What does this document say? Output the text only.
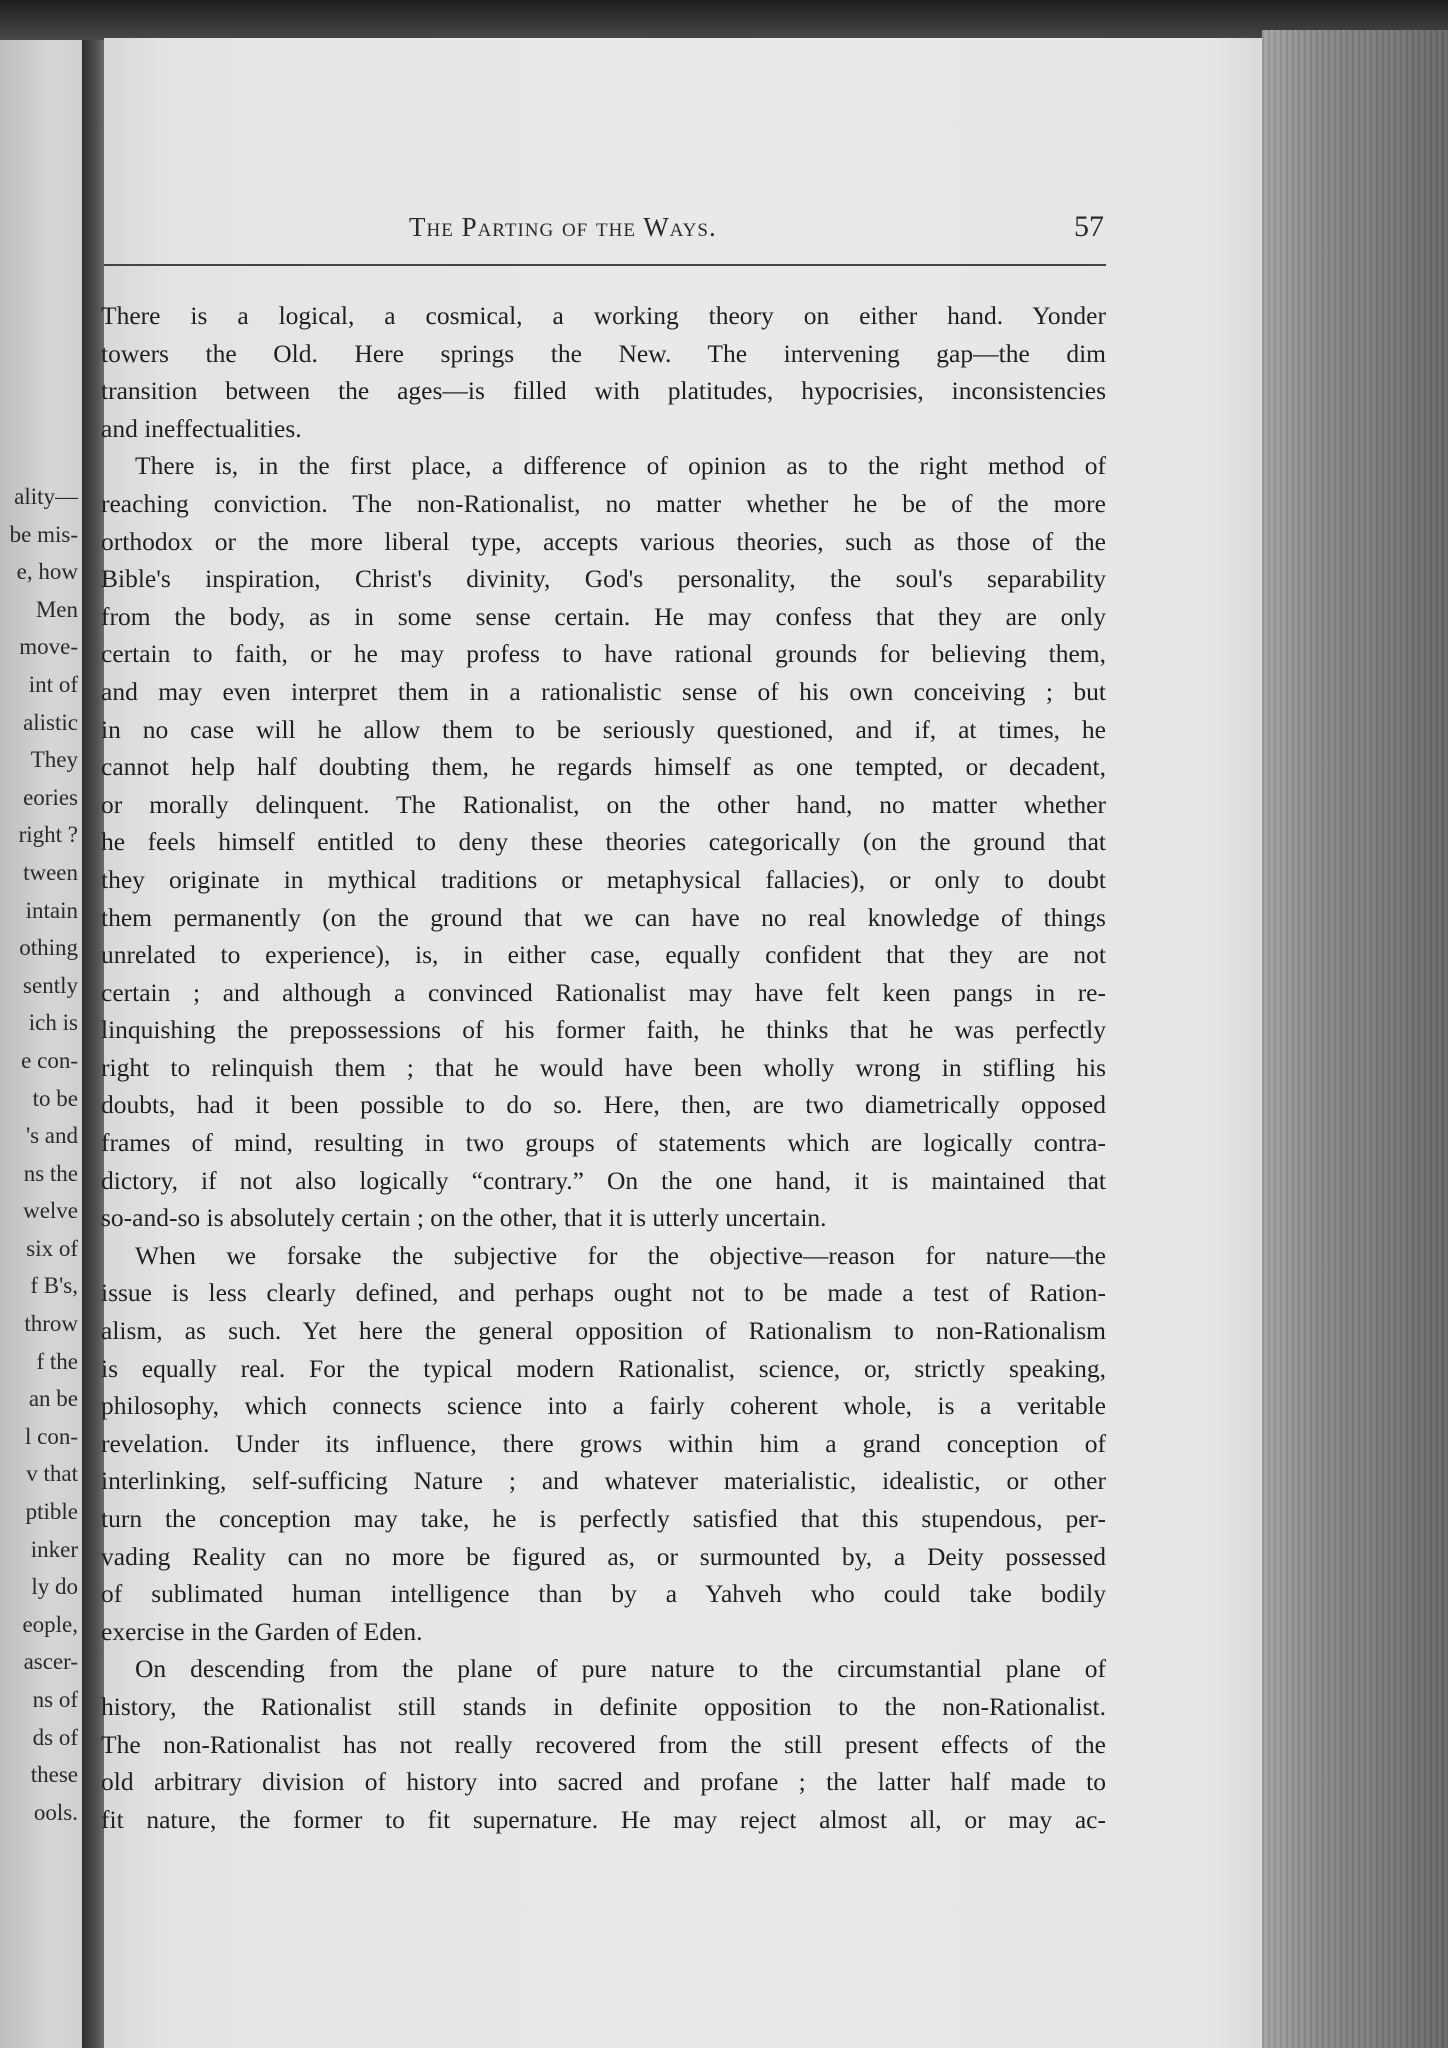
ality—
be mis-
e, how
Men
move-
int of
alistic
They
eories
right ?
tween
intain
othing
sently
ich is
e con-
to be
's and
ns the
welve
six of
f B's,
throw
f the
an be
l con-
v that
ptible
inker
ly do
eople,
ascer-
ns of
ds of
these
ools.
The Parting of the Ways.	57
There is a logical, a cosmical, a working theory on either hand. Yonder
towers the Old. Here springs the New. The intervening gap—the dim
transition between the ages—is filled with platitudes, hypocrisies, inconsistencies
and ineffectualities.
There is, in the first place, a difference of opinion as to the right method of
reaching conviction. The non-Rationalist, no matter whether he be of the more
orthodox or the more liberal type, accepts various theories, such as those of the
Bible's inspiration, Christ's divinity, God's personality, the soul's separability
from the body, as in some sense certain. He may confess that they are only
certain to faith, or he may profess to have rational grounds for believing them,
and may even interpret them in a rationalistic sense of his own conceiving ; but
in no case will he allow them to be seriously questioned, and if, at times, he
cannot help half doubting them, he regards himself as one tempted, or decadent,
or morally delinquent. The Rationalist, on the other hand, no matter whether
he feels himself entitled to deny these theories categorically (on the ground that
they originate in mythical traditions or metaphysical fallacies), or only to doubt
them permanently (on the ground that we can have no real knowledge of things
unrelated to experience), is, in either case, equally confident that they are not
certain ; and although a convinced Rationalist may have felt keen pangs in re-
linquishing the prepossessions of his former faith, he thinks that he was perfectly
right to relinquish them ; that he would have been wholly wrong in stifling his
doubts, had it been possible to do so. Here, then, are two diametrically opposed
frames of mind, resulting in two groups of statements which are logically contra-
dictory, if not also logically “contrary.” On the one hand, it is maintained that
so-and-so is absolutely certain ; on the other, that it is utterly uncertain.
When we forsake the subjective for the objective—reason for nature—the
issue is less clearly defined, and perhaps ought not to be made a test of Ration-
alism, as such. Yet here the general opposition of Rationalism to non-Rationalism
is equally real. For the typical modern Rationalist, science, or, strictly speaking,
philosophy, which connects science into a fairly coherent whole, is a veritable
revelation. Under its influence, there grows within him a grand conception of
interlinking, self-sufficing Nature ; and whatever materialistic, idealistic, or other
turn the conception may take, he is perfectly satisfied that this stupendous, per-
vading Reality can no more be figured as, or surmounted by, a Deity possessed
of sublimated human intelligence than by a Yahveh who could take bodily
exercise in the Garden of Eden.
On descending from the plane of pure nature to the circumstantial plane of
history, the Rationalist still stands in definite opposition to the non-Rationalist.
The non-Rationalist has not really recovered from the still present effects of the
old arbitrary division of history into sacred and profane ; the latter half made to
fit nature, the former to fit supernature. He may reject almost all, or may ac-
